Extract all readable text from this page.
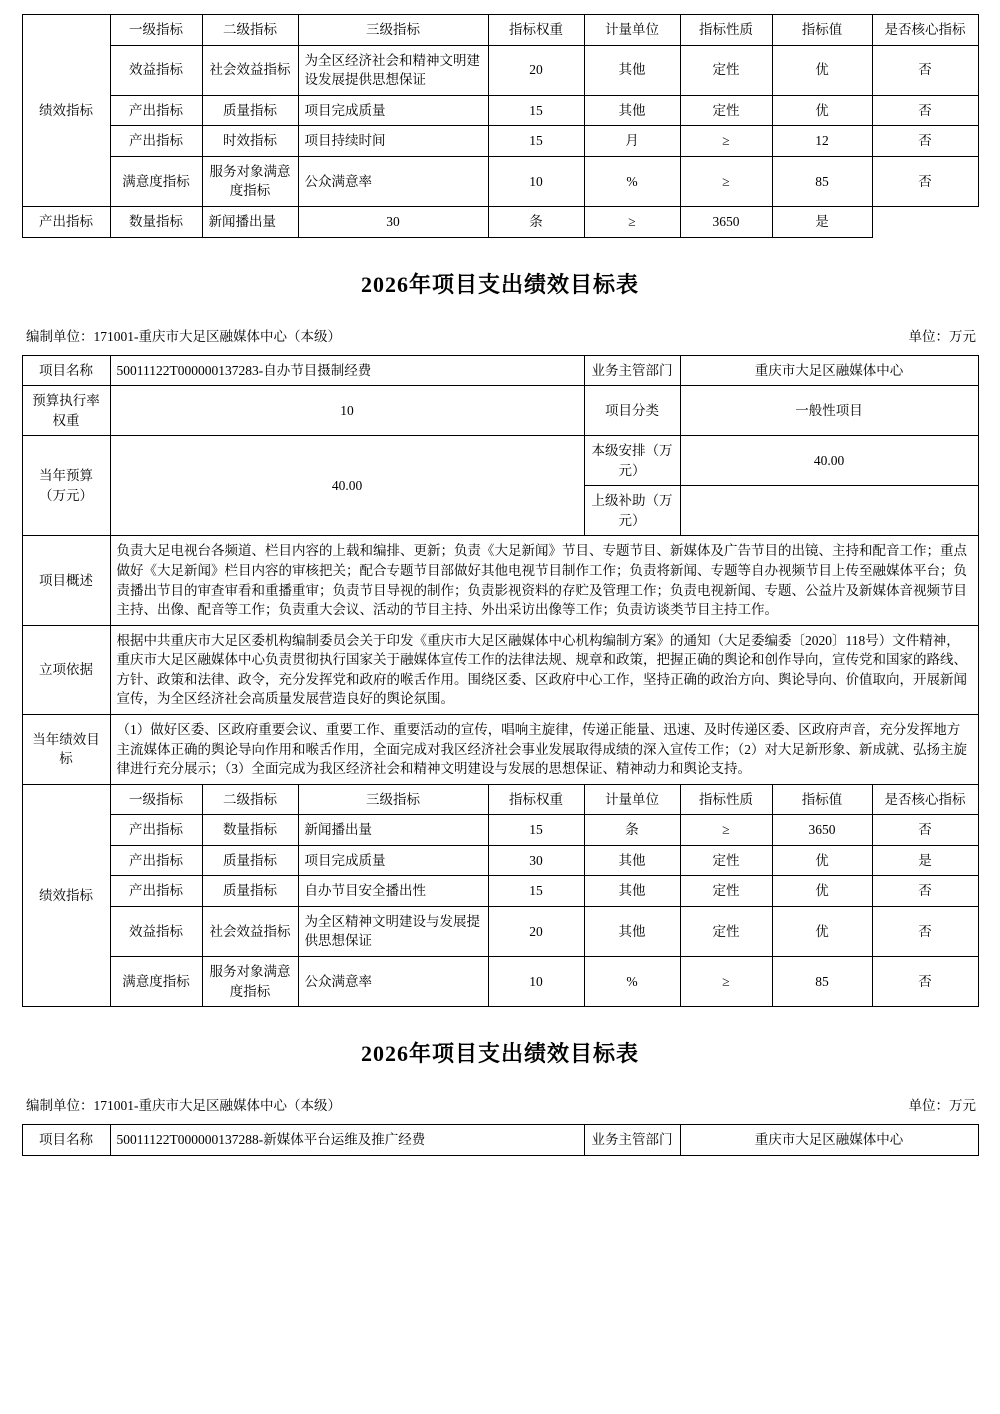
绩效指标	一级指标	二级指标	三级指标	指标权重	计量单位	指标性质	指标值	是否核心指标
	效益指标	社会效益指标	为全区经济社会和精神文明建设发展提供思想保证	20	其他	定性	优	否
	产出指标	质量指标	项目完成质量	15	其他	定性	优	否
	产出指标	时效指标	项目持续时间	15	月	≥	12	否
	满意度指标	服务对象满意度指标	公众满意率	10	%	≥	85	否
产出指标	数量指标	新闻播出量	30	条	≥	3650	是	
2026年项目支出绩效目标表
编制单位：171001-重庆市大足区融媒体中心（本级）	单位：万元
项目名称	50011122T000000137283-自办节目摄制经费				业务主管部门	重庆市大足区融媒体中心		
预算执行率权重	10				项目分类	一般性项目		
当年预算（万元）	40.00				本级安排（万元）	40.00		
					上级补助（万元）			
项目概述	负责大足电视台各频道、栏目内容的上载和编排、更新；负责《大足新闻》节目、专题节目、新媒体及广告节目的出镜、主持和配音工作；重点做好《大足新闻》栏目内容的审核把关；配合专题节目部做好其他电视节目制作工作；负责将新闻、专题等自办视频节目上传至融媒体平台；负责播出节目的审查审看和重播重审；负责节目导视的制作；负责影视资料的存贮及管理工作；负责电视新闻、专题、公益片及新媒体音视频节目主持、出像、配音等工作；负责重大会议、活动的节目主持、外出采访出像等工作；负责访谈类节目主持工作。							
立项依据	根据中共重庆市大足区委机构编制委员会关于印发《重庆市大足区融媒体中心机构编制方案》的通知（大足委编委〔2020〕118号）文件精神，重庆市大足区融媒体中心负责贯彻执行国家关于融媒体宣传工作的法律法规、规章和政策，把握正确的舆论和创作导向，宣传党和国家的路线、方针、政策和法律、政令，充分发挥党和政府的喉舌作用。围绕区委、区政府中心工作，坚持正确的政治方向、舆论导向、价值取向，开展新闻宣传，为全区经济社会高质量发展营造良好的舆论氛围。							
当年绩效目标	（1）做好区委、区政府重要会议、重要工作、重要活动的宣传，唱响主旋律，传递正能量、迅速、及时传递区委、区政府声音，充分发挥地方主流媒体正确的舆论导向作用和喉舌作用，全面完成对我区经济社会事业发展取得成绩的深入宣传工作；（2）对大足新形象、新成就、弘扬主旋律进行充分展示；（3）全面完成为我区经济社会和精神文明建设与发展的思想保证、精神动力和舆论支持。							
绩效指标	一级指标	二级指标	三级指标	指标权重	计量单位	指标性质	指标值	是否核心指标
	产出指标	数量指标	新闻播出量	15	条	≥	3650	否
	产出指标	质量指标	项目完成质量	30	其他	定性	优	是
	产出指标	质量指标	自办节目安全播出性	15	其他	定性	优	否
	效益指标	社会效益指标	为全区精神文明建设与发展提供思想保证	20	其他	定性	优	否
	满意度指标	服务对象满意度指标	公众满意率	10	%	≥	85	否
2026年项目支出绩效目标表
编制单位：171001-重庆市大足区融媒体中心（本级）	单位：万元
项目名称	50011122T000000137288-新媒体平台运维及推广经费	业务主管部门	重庆市大足区融媒体中心
